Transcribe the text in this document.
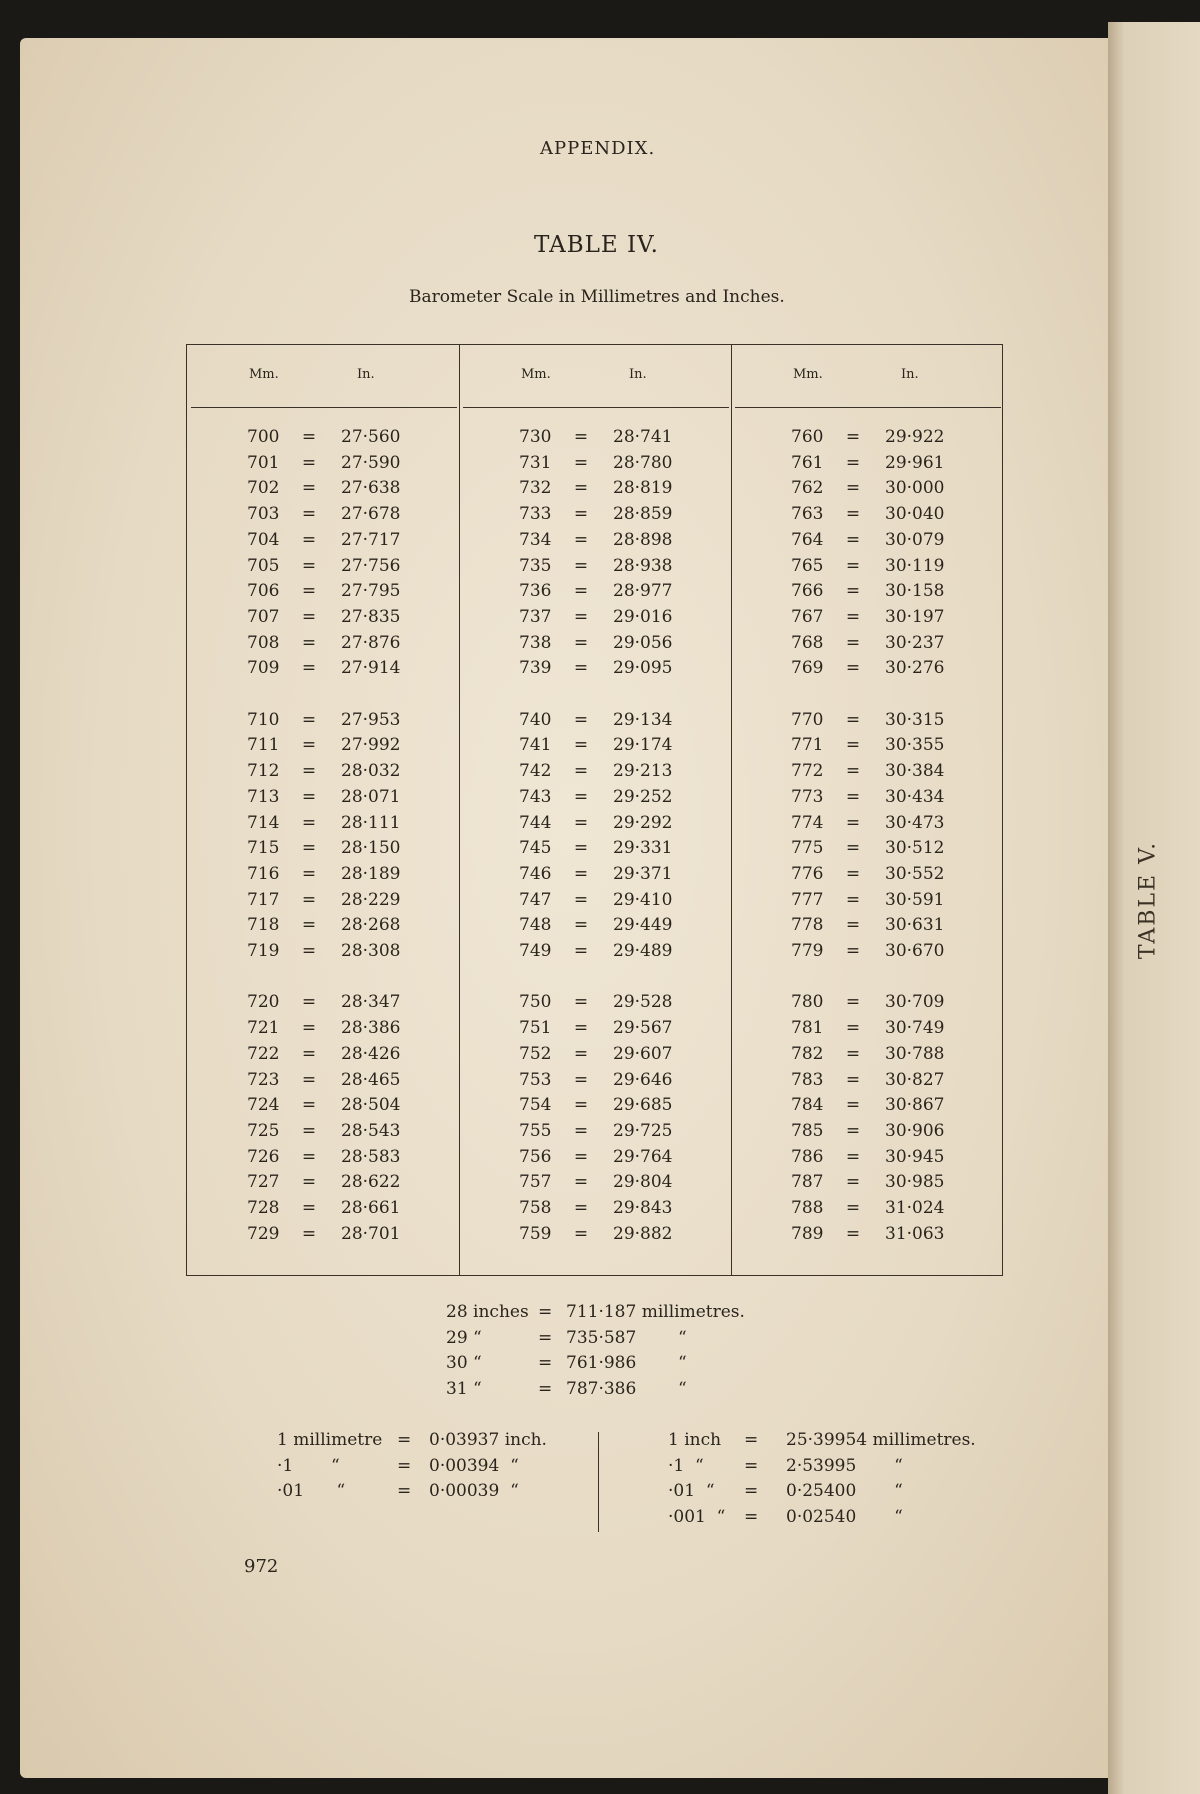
TABLE V.
APPENDIX.
TABLE IV.
Barometer Scale in Millimetres and Inches.
Mm.	In.
700	= 27·560
701	= 27·590
702	= 27·638
703	= 27·678
704	= 27·717
705	= 27·756
706	= 27·795
707	= 27·835
708	= 27·876
709	= 27·914
710	= 27·953
711	= 27·992
712	= 28·032
713	= 28·071
714	= 28·111
715	= 28·150
716	= 28·189
717	= 28·229
718	= 28·268
719	= 28·308
720	= 28·347
721	= 28·386
722	= 28·426
723	= 28·465
724	= 28·504
725	= 28·543
726	= 28·583
727	= 28·622
728	= 28·661
729	= 28·701
Mm.	In.
730	= 28·741
731	= 28·780
732	= 28·819
733	= 28·859
734	= 28·898
735	= 28·938
736	= 28·977
737	= 29·016
738	= 29·056
739	= 29·095
740	= 29·134
741	= 29·174
742	= 29·213
743	= 29·252
744	= 29·292
745	= 29·331
746	= 29·371
747	= 29·410
748	= 29·449
749	= 29·489
750	= 29·528
751	= 29·567
752	= 29·607
753	= 29·646
754	= 29·685
755	= 29·725
756	= 29·764
757	= 29·804
758	= 29·843
759	= 29·882
Mm.	In.
760	= 29·922
761	= 29·961
762	= 30·000
763	= 30·040
764	= 30·079
765	= 30·119
766	= 30·158
767	= 30·197
768	= 30·237
769	= 30·276
770	= 30·315
771	= 30·355
772	= 30·384
773	= 30·434
774	= 30·473
775	= 30·512
776	= 30·552
777	= 30·591
778	= 30·631
779	= 30·670
780	= 30·709
781	= 30·749
782	= 30·788
783	= 30·827
784	= 30·867
785	= 30·906
786	= 30·945
787	= 30·985
788	= 31·024
789	= 31·063
28 inches = 711·187 millimetres.
29 “	= 735·587 “
30 “	= 761·986 “
31 “	= 787·386 “
1 millimetre = 0·03937 inch.
·1       “	= 0·00394  “
·01      “	= 0·00039  “
1 inch = 25·39954 millimetres.
·1  “ = 2·53995       “
·01  “ = 0·25400       “
·001  “ = 0·02540       “
972
